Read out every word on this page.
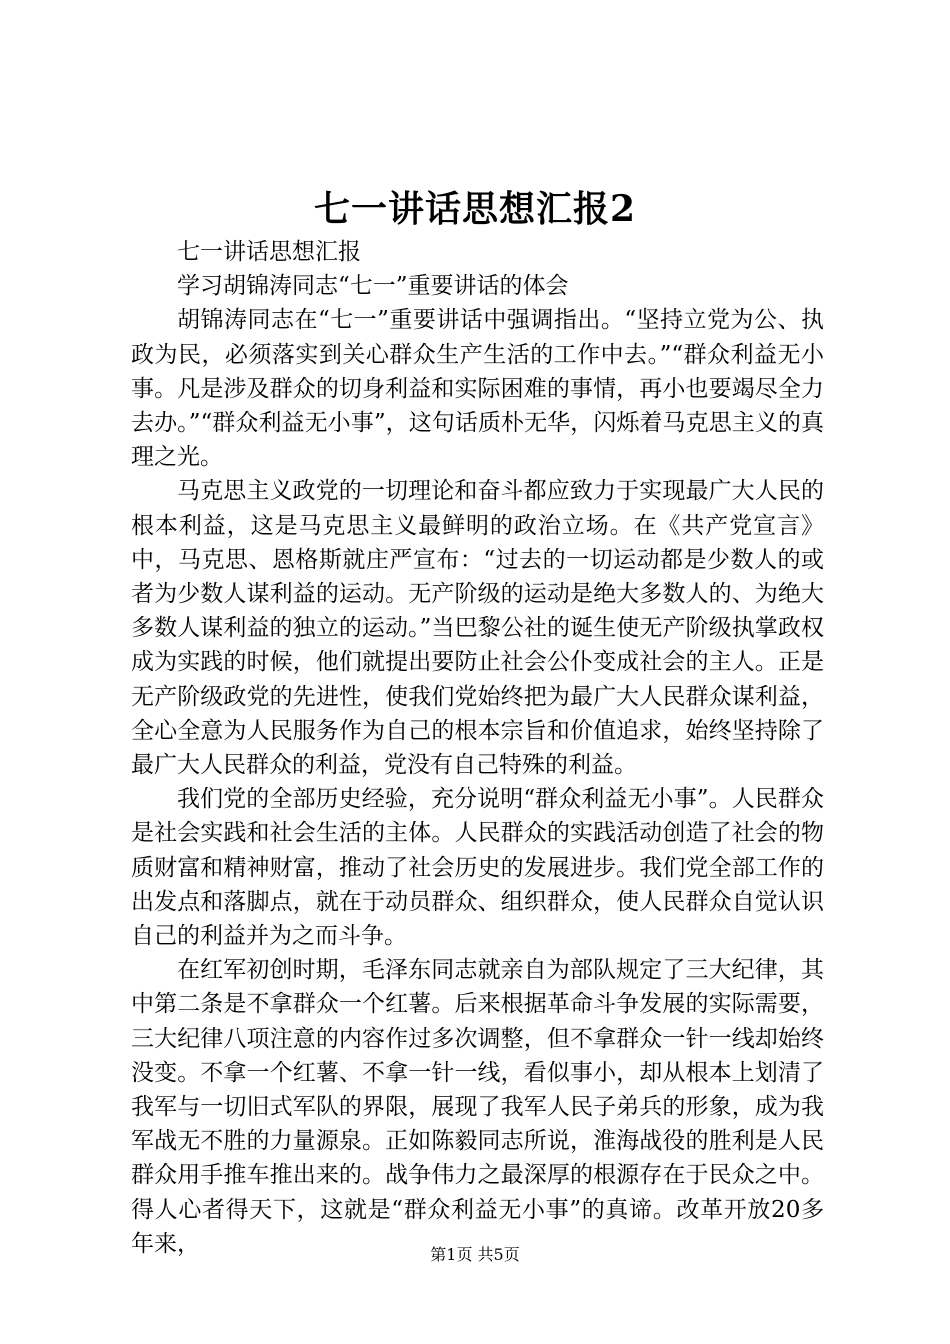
七一讲话思想汇报2

七一讲话思想汇报

学习胡锦涛同志“七一”重要讲话的体会

胡锦涛同志在“七一”重要讲话中强调指出。“坚持立党为公、执政为民，必须落实到关心群众生产生活的工作中去。”“群众利益无小事。凡是涉及群众的切身利益和实际困难的事情，再小也要竭尽全力去办。”“群众利益无小事”，这句话质朴无华，闪烁着马克思主义的真理之光。

马克思主义政党的一切理论和奋斗都应致力于实现最广大人民的根本利益，这是马克思主义最鲜明的政治立场。在《共产党宣言》中，马克思、恩格斯就庄严宣布：“过去的一切运动都是少数人的或者为少数人谋利益的运动。无产阶级的运动是绝大多数人的、为绝大多数人谋利益的独立的运动。”当巴黎公社的诞生使无产阶级执掌政权成为实践的时候，他们就提出要防止社会公仆变成社会的主人。正是无产阶级政党的先进性，使我们党始终把为最广大人民群众谋利益，全心全意为人民服务作为自己的根本宗旨和价值追求，始终坚持除了最广大人民群众的利益，党没有自己特殊的利益。

我们党的全部历史经验，充分说明“群众利益无小事”。人民群众是社会实践和社会生活的主体。人民群众的实践活动创造了社会的物质财富和精神财富，推动了社会历史的发展进步。我们党全部工作的出发点和落脚点，就在于动员群众、组织群众，使人民群众自觉认识自己的利益并为之而斗争。

在红军初创时期，毛泽东同志就亲自为部队规定了三大纪律，其中第二条是不拿群众一个红薯。后来根据革命斗争发展的实际需要，三大纪律八项注意的内容作过多次调整，但不拿群众一针一线却始终没变。不拿一个红薯、不拿一针一线，看似事小，却从根本上划清了我军与一切旧式军队的界限，展现了我军人民子弟兵的形象，成为我军战无不胜的力量源泉。正如陈毅同志所说，淮海战役的胜利是人民群众用手推车推出来的。战争伟力之最深厚的根源存在于民众之中。得人心者得天下，这就是“群众利益无小事”的真谛。改革开放20多年来，	第1页 共5页
